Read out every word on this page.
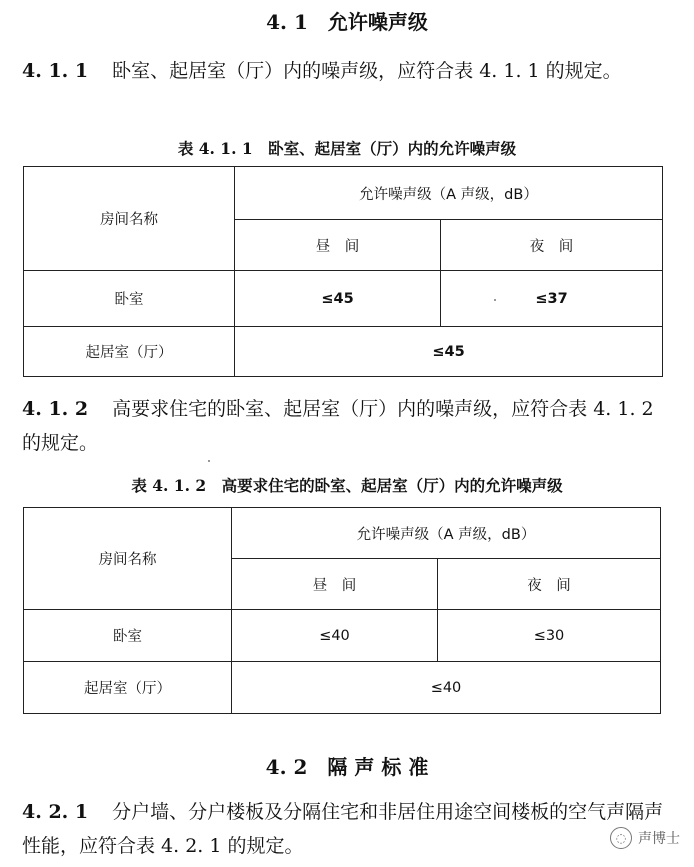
4. 1　允许噪声级
4. 1. 1 卧室、起居室（厅）内的噪声级，应符合表 4. 1. 1 的规定。
表 4. 1. 1　卧室、起居室（厅）内的允许噪声级
房间名称	允许噪声级（A 声级，dB）	
	昼　间	夜　间
卧室	≤45	≤37
起居室（厅）	≤45	
4. 1. 2 高要求住宅的卧室、起居室（厅）内的噪声级，应符合表 4. 1. 2 的规定。
表 4. 1. 2　高要求住宅的卧室、起居室（厅）内的允许噪声级
房间名称	允许噪声级（A 声级，dB）	
	昼　间	夜　间
卧室	≤40	≤30
起居室（厅）	≤40	
4. 2　隔 声 标 准
4. 2. 1 分户墙、分户楼板及分隔住宅和非居住用途空间楼板的空气声隔声性能，应符合表 4. 2. 1 的规定。	◌ 声博士
